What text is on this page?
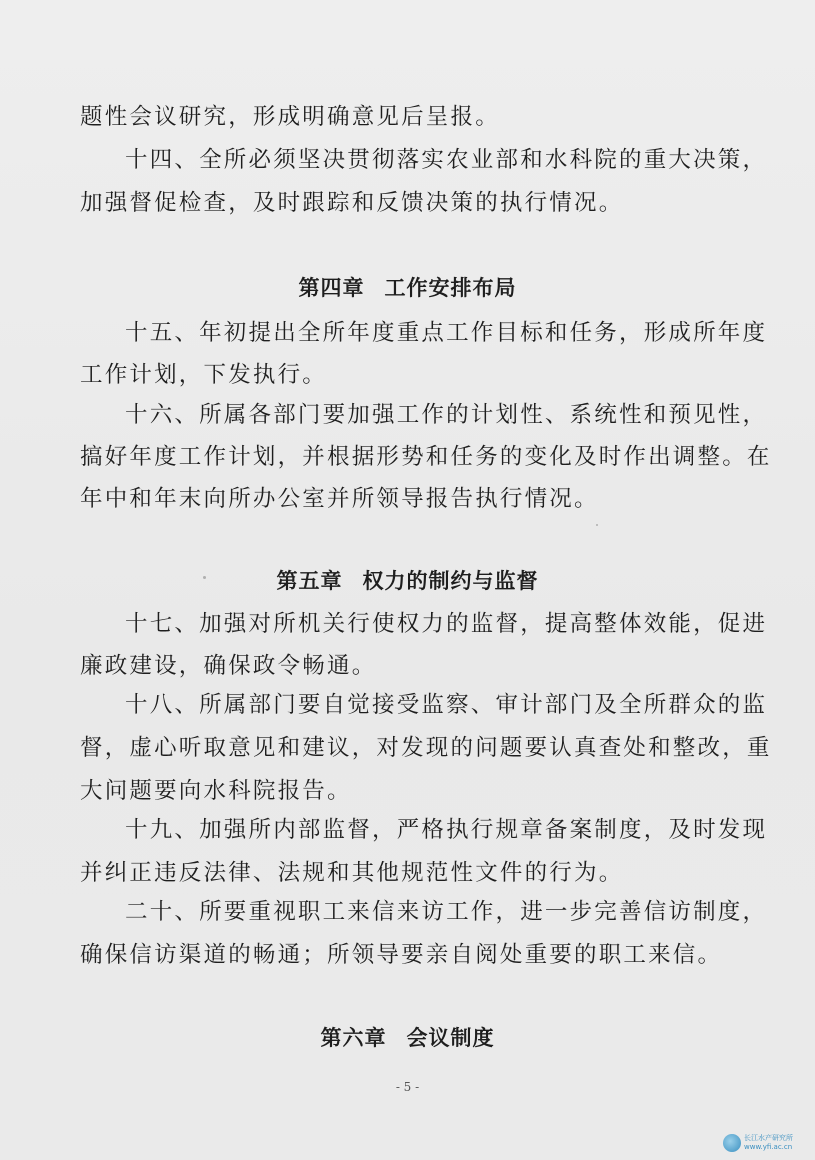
题性会议研究，形成明确意见后呈报。
十四、全所必须坚决贯彻落实农业部和水科院的重大决策，
加强督促检查，及时跟踪和反馈决策的执行情况。
第四章 工作安排布局
十五、年初提出全所年度重点工作目标和任务，形成所年度
工作计划，下发执行。
十六、所属各部门要加强工作的计划性、系统性和预见性，
搞好年度工作计划，并根据形势和任务的变化及时作出调整。在
年中和年末向所办公室并所领导报告执行情况。
第五章 权力的制约与监督
十七、加强对所机关行使权力的监督，提高整体效能，促进
廉政建设，确保政令畅通。
十八、所属部门要自觉接受监察、审计部门及全所群众的监
督，虚心听取意见和建议，对发现的问题要认真查处和整改，重
大问题要向水科院报告。
十九、加强所内部监督，严格执行规章备案制度，及时发现
并纠正违反法律、法规和其他规范性文件的行为。
二十、所要重视职工来信来访工作，进一步完善信访制度，
确保信访渠道的畅通；所领导要亲自阅处重要的职工来信。
第六章 会议制度
- 5 -
长江水产研究所
www.yfi.ac.cn
